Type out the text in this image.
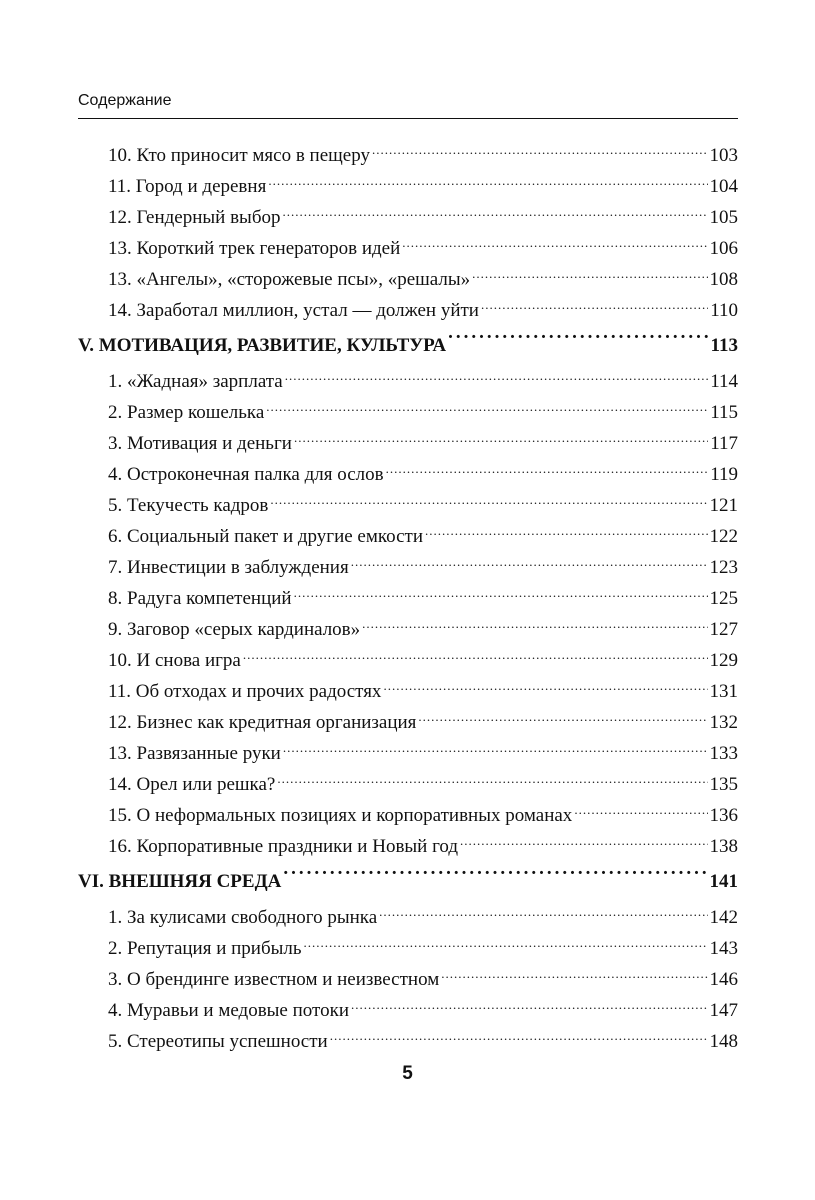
Содержание
10. Кто приносит мясо в пещеру .....	103
11. Город и деревня .....	104
12. Гендерный выбор .....	105
13. Короткий трек генераторов идей .....	106
13. «Ангелы», «сторожевые псы», «решалы» .....	108
14. Заработал миллион, устал — должен уйти .....	110
V. МОТИВАЦИЯ, РАЗВИТИЕ, КУЛЬТУРА .....	113
1. «Жадная» зарплата .....	114
2. Размер кошелька .....	115
3. Мотивация и деньги .....	117
4. Остроконечная палка для ослов .....	119
5. Текучесть кадров .....	121
6. Социальный пакет и другие емкости .....	122
7. Инвестиции в заблуждения .....	123
8. Радуга компетенций .....	125
9. Заговор «серых кардиналов» .....	127
10. И снова игра .....	129
11. Об отходах и прочих радостях .....	131
12. Бизнес как кредитная организация .....	132
13. Развязанные руки .....	133
14. Орел или решка? .....	135
15. О неформальных позициях и корпоративных романах .....	136
16. Корпоративные праздники и Новый год .....	138
VI. ВНЕШНЯЯ СРЕДА .....	141
1. За кулисами свободного рынка .....	142
2. Репутация и прибыль .....	143
3. О брендинге известном и неизвестном .....	146
4. Муравьи и медовые потоки .....	147
5. Стереотипы успешности .....	148
5
